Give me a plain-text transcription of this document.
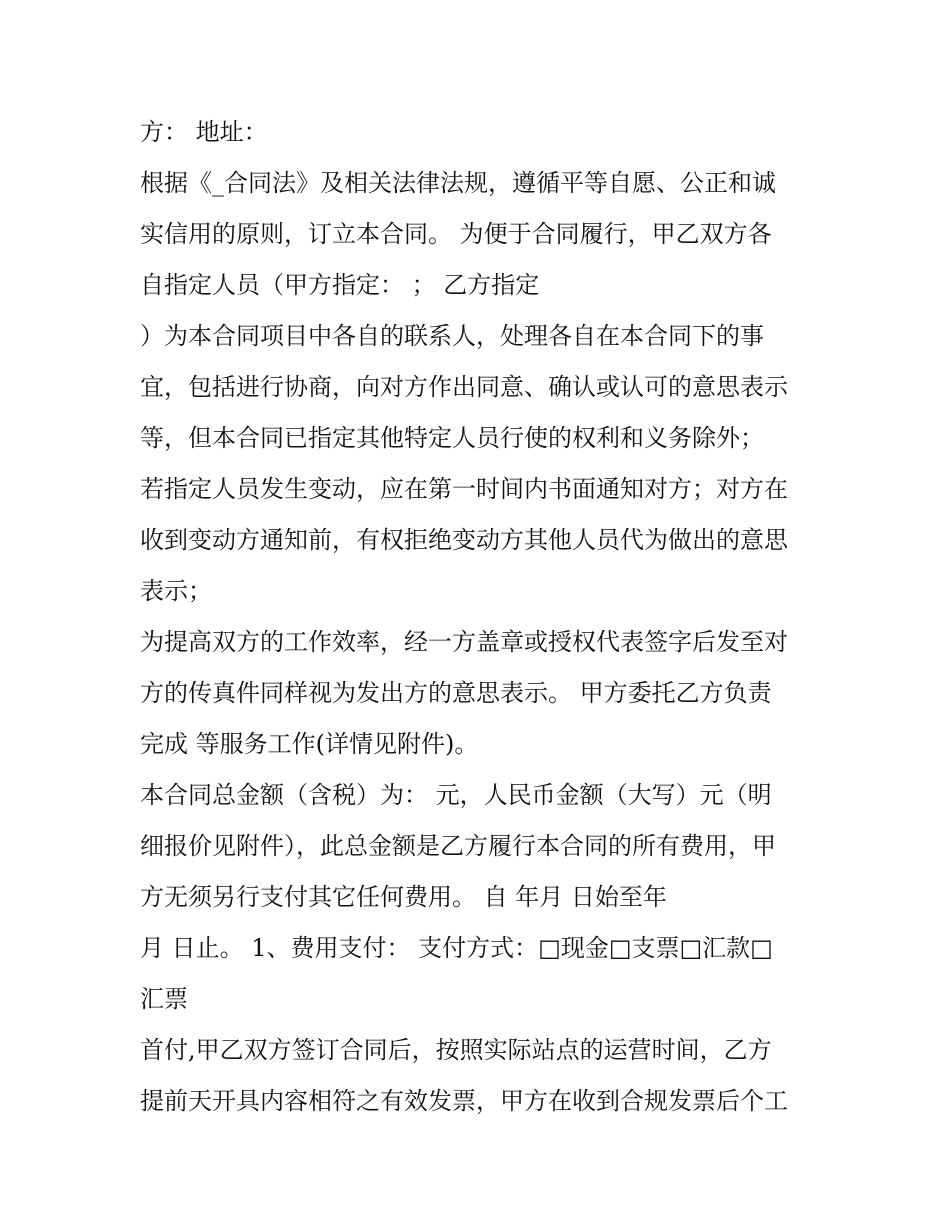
方： 地址：

根据《_合同法》及相关法律法规，遵循平等自愿、公正和诚

实信用的原则，订立本合同。 为便于合同履行，甲乙双方各

自指定人员（甲方指定： ； 乙方指定

）为本合同项目中各自的联系人，处理各自在本合同下的事

宜，包括进行协商，向对方作出同意、确认或认可的意思表示

等，但本合同已指定其他特定人员行使的权利和义务除外；

若指定人员发生变动，应在第一时间内书面通知对方；对方在

收到变动方通知前，有权拒绝变动方其他人员代为做出的意思

表示；

为提高双方的工作效率，经一方盖章或授权代表签字后发至对

方的传真件同样视为发出方的意思表示。 甲方委托乙方负责

完成 等服务工作(详情见附件)。

本合同总金额（含税）为： 元，人民币金额（大写）元（明

细报价见附件），此总金额是乙方履行本合同的所有费用，甲

方无须另行支付其它任何费用。 自 年月 日始至年

月 日止。 1、费用支付： 支付方式：□现金□支票□汇款□

汇票

首付,甲乙双方签订合同后，按照实际站点的运营时间，乙方

提前天开具内容相符之有效发票，甲方在收到合规发票后个工
